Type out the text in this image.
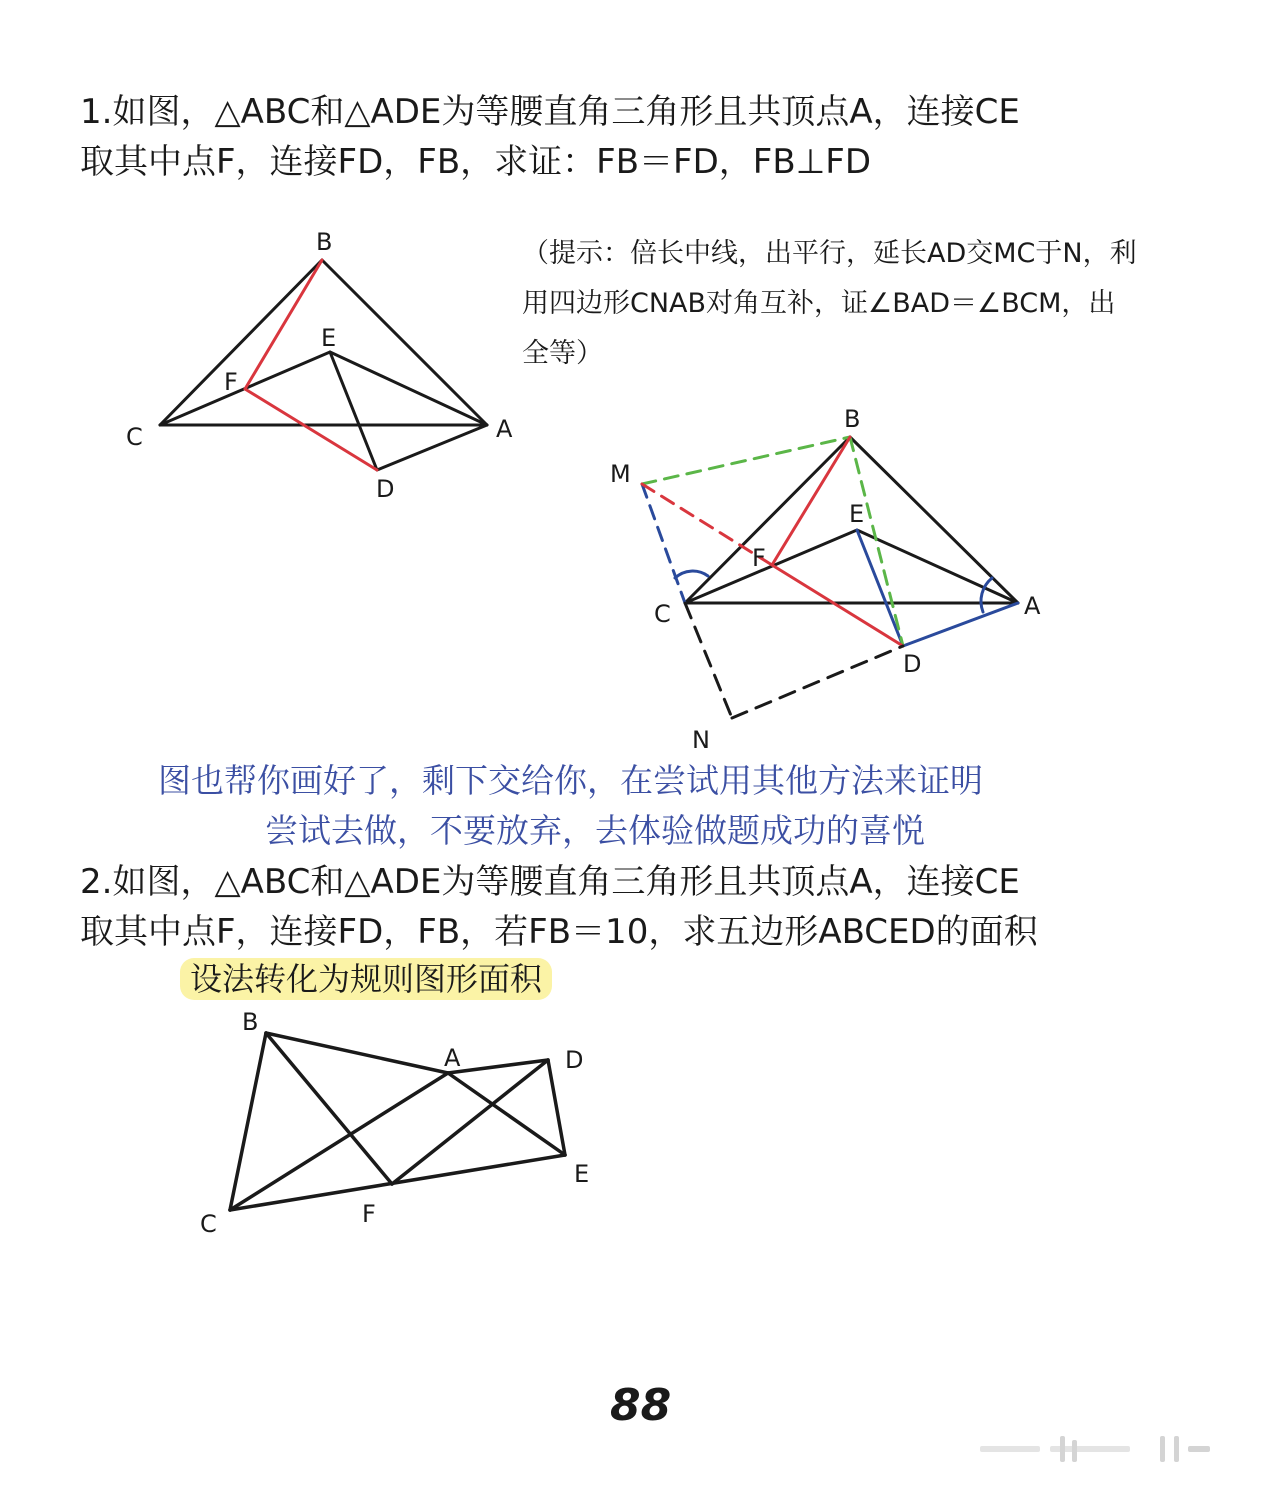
1.如图，△ABC和△ADE为等腰直角三角形且共顶点A，连接CE
取其中点F，连接FD，FB，求证：FB＝FD，FB⊥FD
（提示：倍长中线，出平行，延长AD交MC于N，利
用四边形CNAB对角互补，证∠BAD＝∠BCM，出
全等）
图也帮你画好了，剩下交给你，在尝试用其他方法来证明
尝试去做，不要放弃，去体验做题成功的喜悦
2.如图，△ABC和△ADE为等腰直角三角形且共顶点A，连接CE
取其中点F，连接FD，FB，若FB＝10，求五边形ABCED的面积
设法转化为规则图形面积
B
E
F
C	A
D
B
M
E
F
C	A
D
N
B
A	D
E
C	F
88
